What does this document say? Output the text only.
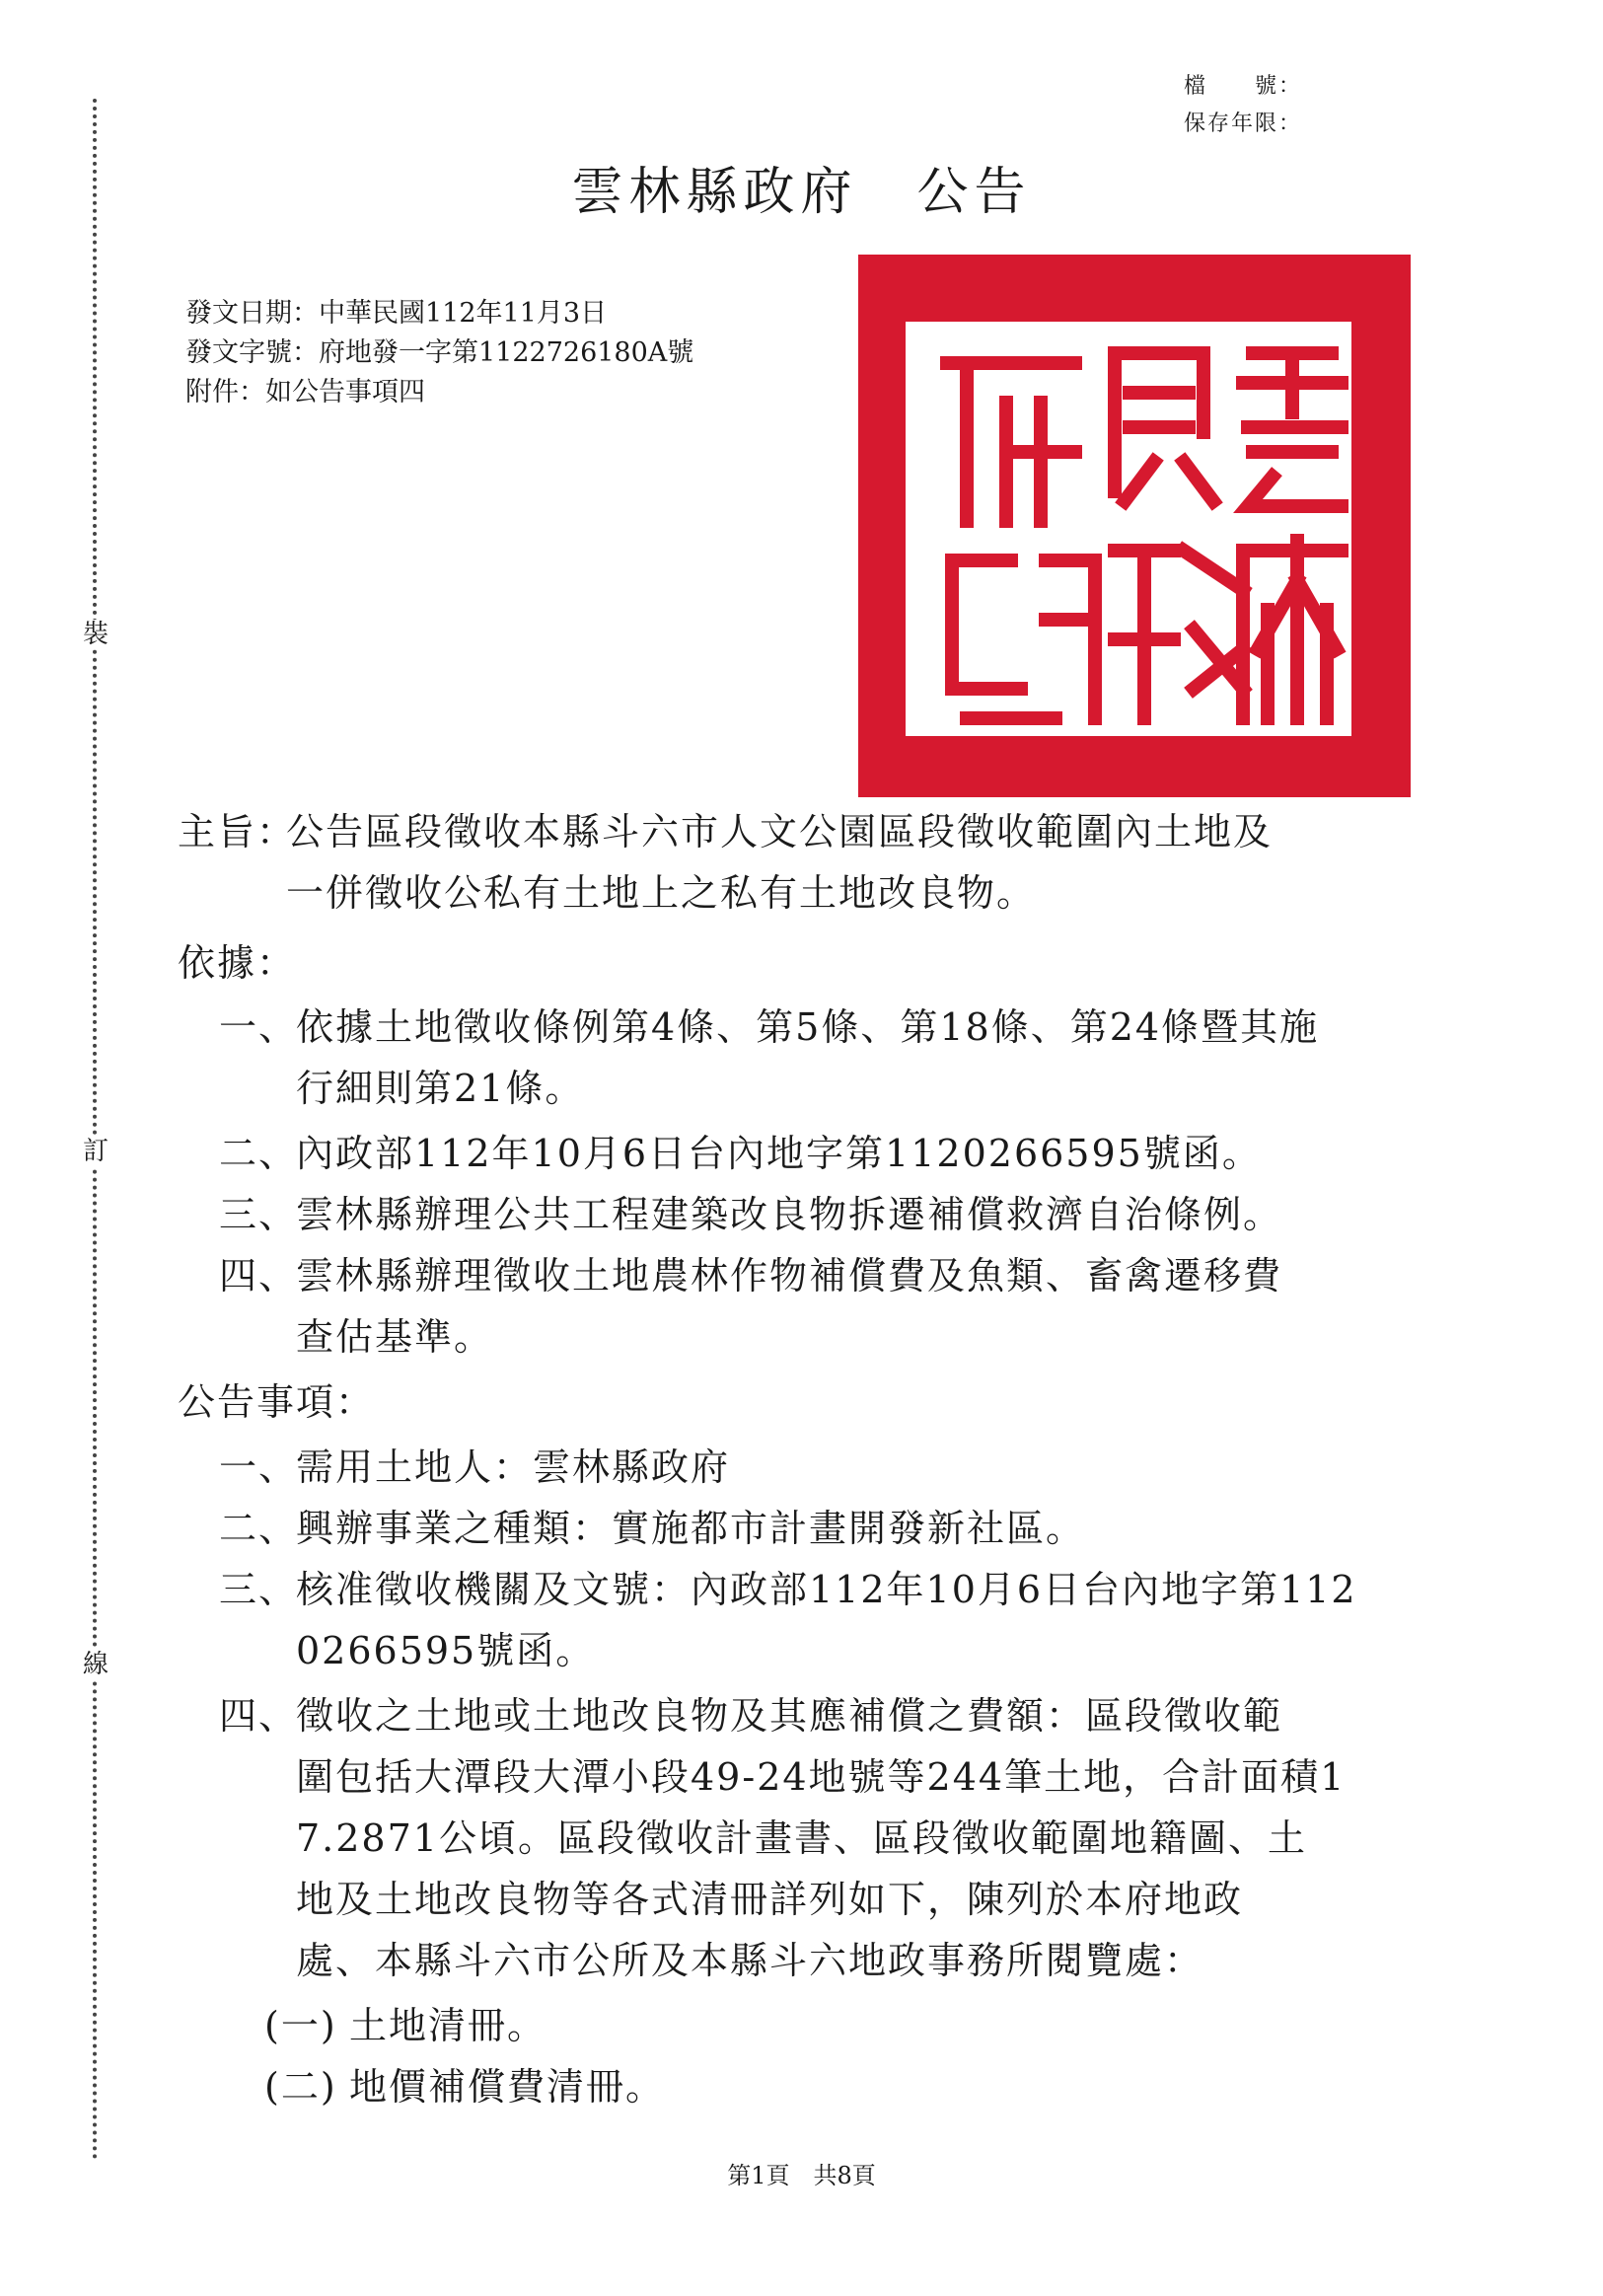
裝
訂
線
檔　　號：
保存年限：
雲林縣政府 公告
發文日期：中華民國112年11月3日
發文字號：府地發一字第1122726180A號
附件：如公告事項四
主旨：
公告區段徵收本縣斗六市人文公園區段徵收範圍內土地及
一併徵收公私有土地上之私有土地改良物。
依據：
一、
依據土地徵收條例第4條、第5條、第18條、第24條暨其施
行細則第21條。
二、
內政部112年10月6日台內地字第1120266595號函。
三、
雲林縣辦理公共工程建築改良物拆遷補償救濟自治條例。
四、
雲林縣辦理徵收土地農林作物補償費及魚類、畜禽遷移費
查估基準。
公告事項：
一、
需用土地人：雲林縣政府
二、
興辦事業之種類：實施都市計畫開發新社區。
三、
核准徵收機關及文號：內政部112年10月6日台內地字第112
0266595號函。
四、
徵收之土地或土地改良物及其應補償之費額：區段徵收範
圍包括大潭段大潭小段49-24地號等244筆土地，合計面積1
7.2871公頃。區段徵收計畫書、區段徵收範圍地籍圖、土
地及土地改良物等各式清冊詳列如下，陳列於本府地政
處、本縣斗六市公所及本縣斗六地政事務所閱覽處：
(一) 土地清冊。
(二) 地價補償費清冊。
第1頁 共8頁
